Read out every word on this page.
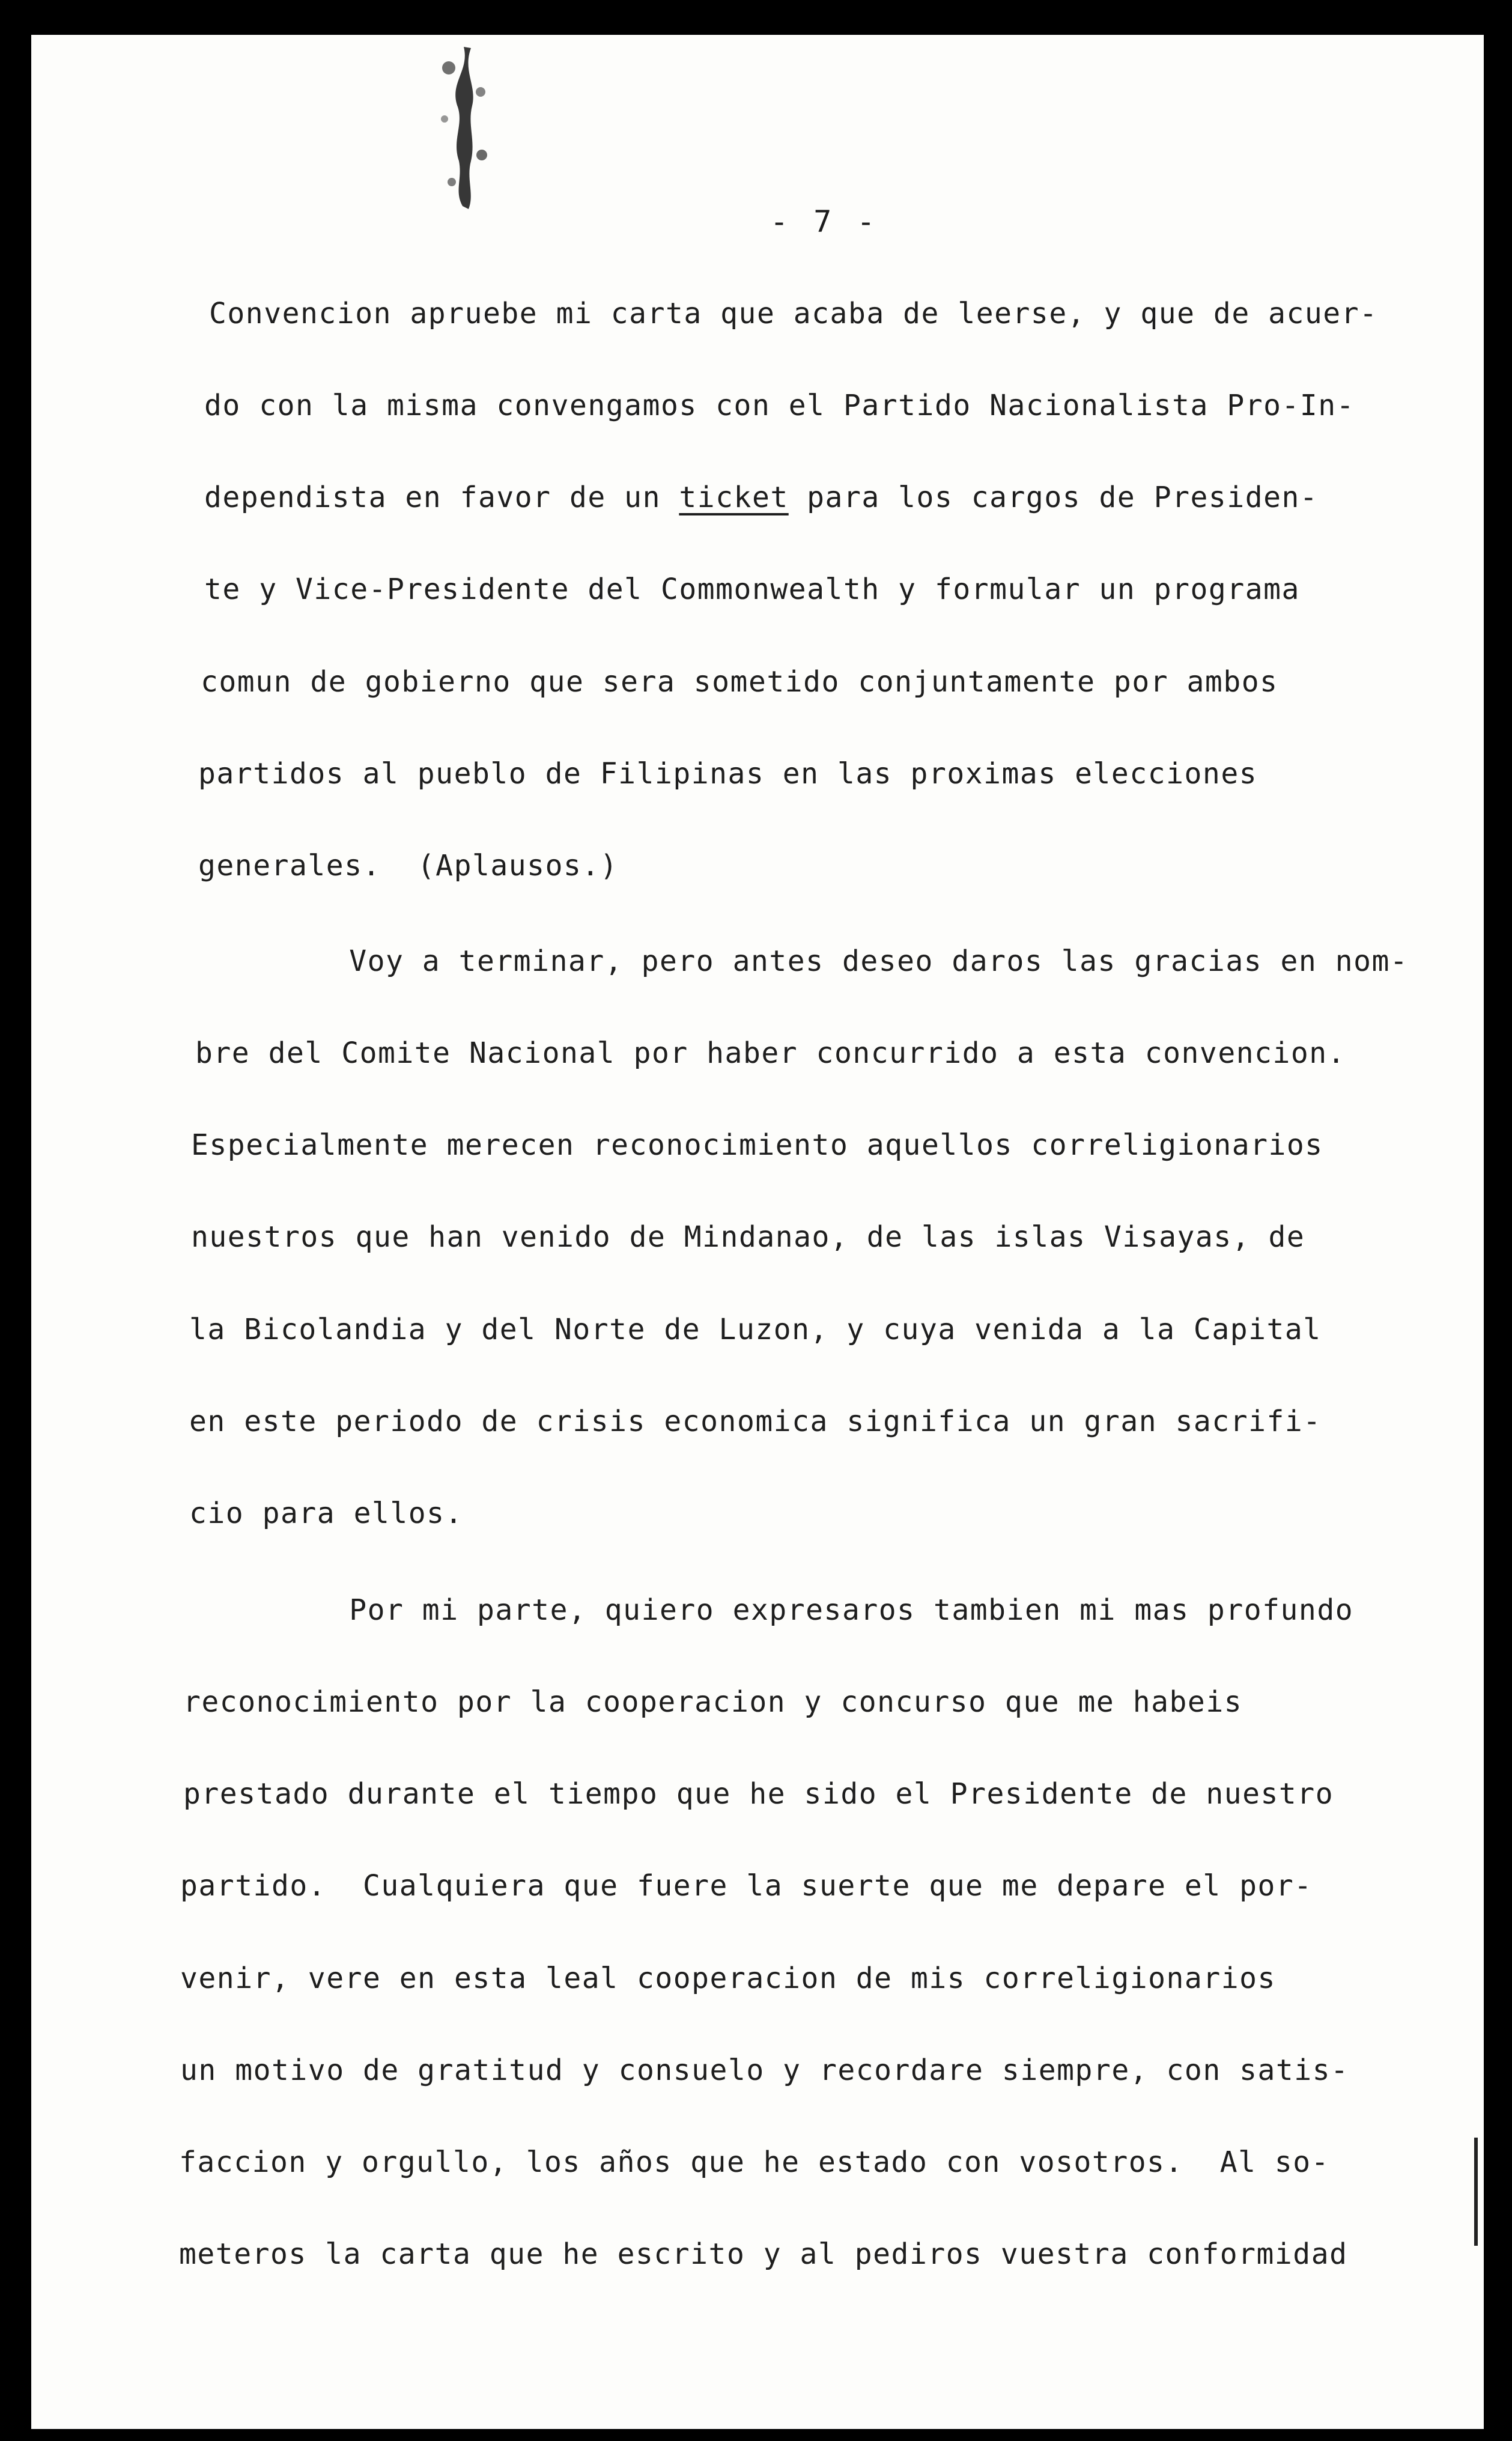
- 7 -
Convencion apruebe mi carta que acaba de leerse, y que de acuer-
do con la misma convengamos con el Partido Nacionalista Pro-In-
dependista en favor de un ticket para los cargos de Presiden-
te y Vice-Presidente del Commonwealth y formular un programa
comun de gobierno que sera sometido conjuntamente por ambos
partidos al pueblo de Filipinas en las proximas elecciones
generales.  (Aplausos.)
Voy a terminar, pero antes deseo daros las gracias en nom-
bre del Comite Nacional por haber concurrido a esta convencion.
Especialmente merecen reconocimiento aquellos correligionarios
nuestros que han venido de Mindanao, de las islas Visayas, de
la Bicolandia y del Norte de Luzon, y cuya venida a la Capital
en este periodo de crisis economica significa un gran sacrifi-
cio para ellos.
Por mi parte, quiero expresaros tambien mi mas profundo
reconocimiento por la cooperacion y concurso que me habeis
prestado durante el tiempo que he sido el Presidente de nuestro
partido.  Cualquiera que fuere la suerte que me depare el por-
venir, vere en esta leal cooperacion de mis correligionarios
un motivo de gratitud y consuelo y recordare siempre, con satis-
faccion y orgullo, los años que he estado con vosotros.  Al so-
meteros la carta que he escrito y al pediros vuestra conformidad
